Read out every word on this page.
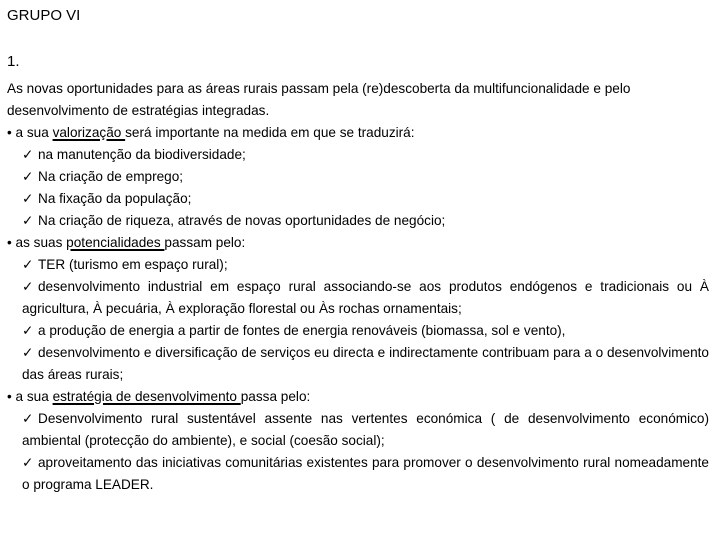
GRUPO VI
1.

As novas oportunidades para as áreas rurais passam pela (re)descoberta da multifuncionalidade e pelo desenvolvimento de estratégias integradas.

• a sua valorização será importante na medida em que se traduzirá:

✓ na manutenção da biodiversidade;

✓ Na criação de emprego;

✓ Na fixação da população;

✓ Na criação de riqueza, através de novas oportunidades de negócio;

• as suas potencialidades passam pelo:

✓ TER (turismo em espaço rural);

✓ desenvolvimento industrial em espaço rural associando-se aos produtos endógenos e tradicionais ou À agricultura, À pecuária, À exploração florestal ou Às rochas ornamentais;

✓ a produção de energia a partir de fontes de energia renováveis (biomassa, sol e vento),

✓ desenvolvimento e diversificação de serviços eu directa e indirectamente contribuam para a o desenvolvimento das áreas rurais;

• a sua estratégia de desenvolvimento passa pelo:

✓ Desenvolvimento rural sustentável assente nas vertentes económica ( de desenvolvimento económico) ambiental (protecção do ambiente), e social (coesão social);

✓ aproveitamento das iniciativas comunitárias existentes para promover o desenvolvimento rural nomeadamente o programa LEADER.
